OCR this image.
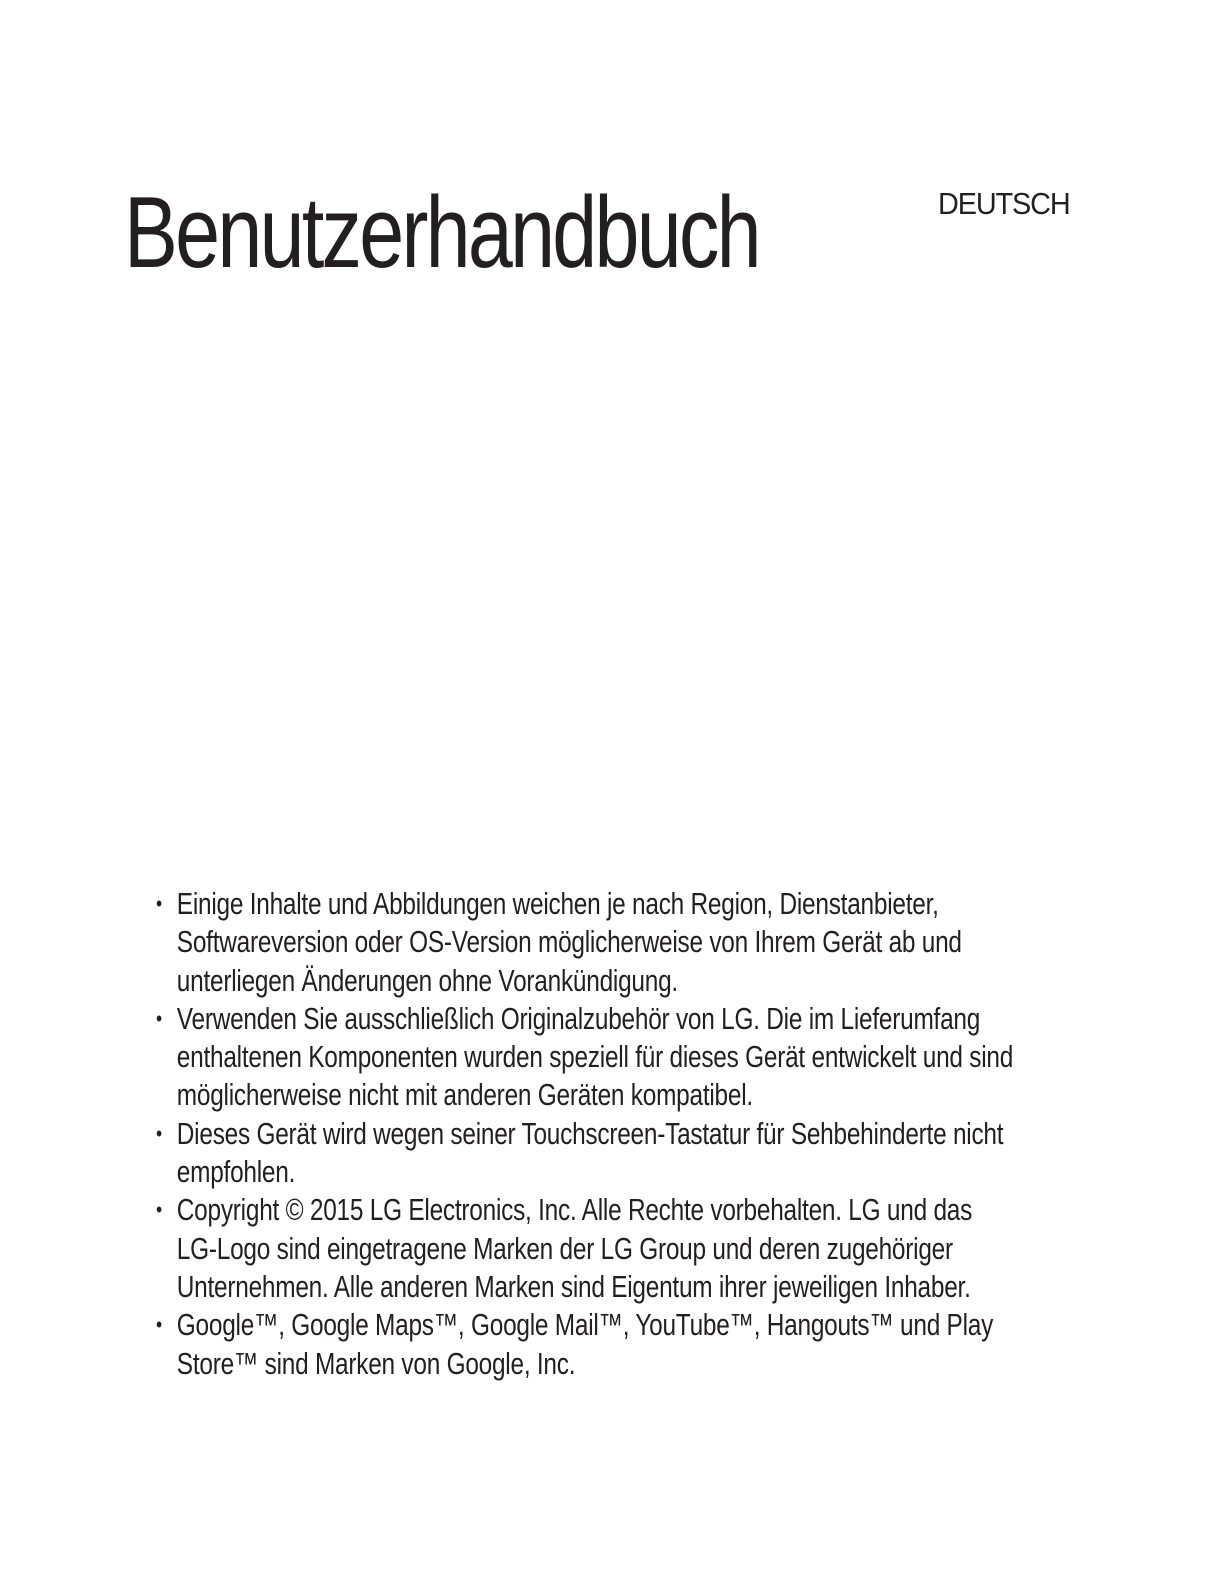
Benutzerhandbuch	DEUTSCH
• Einige Inhalte und Abbildungen weichen je nach Region, Dienstanbieter,
Softwareversion oder OS-Version möglicherweise von Ihrem Gerät ab und
unterliegen Änderungen ohne Vorankündigung.
• Verwenden Sie ausschließlich Originalzubehör von LG. Die im Lieferumfang
enthaltenen Komponenten wurden speziell für dieses Gerät entwickelt und sind
möglicherweise nicht mit anderen Geräten kompatibel.
• Dieses Gerät wird wegen seiner Touchscreen-Tastatur für Sehbehinderte nicht
empfohlen.
• Copyright © 2015 LG Electronics, Inc. Alle Rechte vorbehalten. LG und das
LG-Logo sind eingetragene Marken der LG Group und deren zugehöriger
Unternehmen. Alle anderen Marken sind Eigentum ihrer jeweiligen Inhaber.
• Google™, Google Maps™, Google Mail™, YouTube™, Hangouts™ und Play
Store™ sind Marken von Google, Inc.
